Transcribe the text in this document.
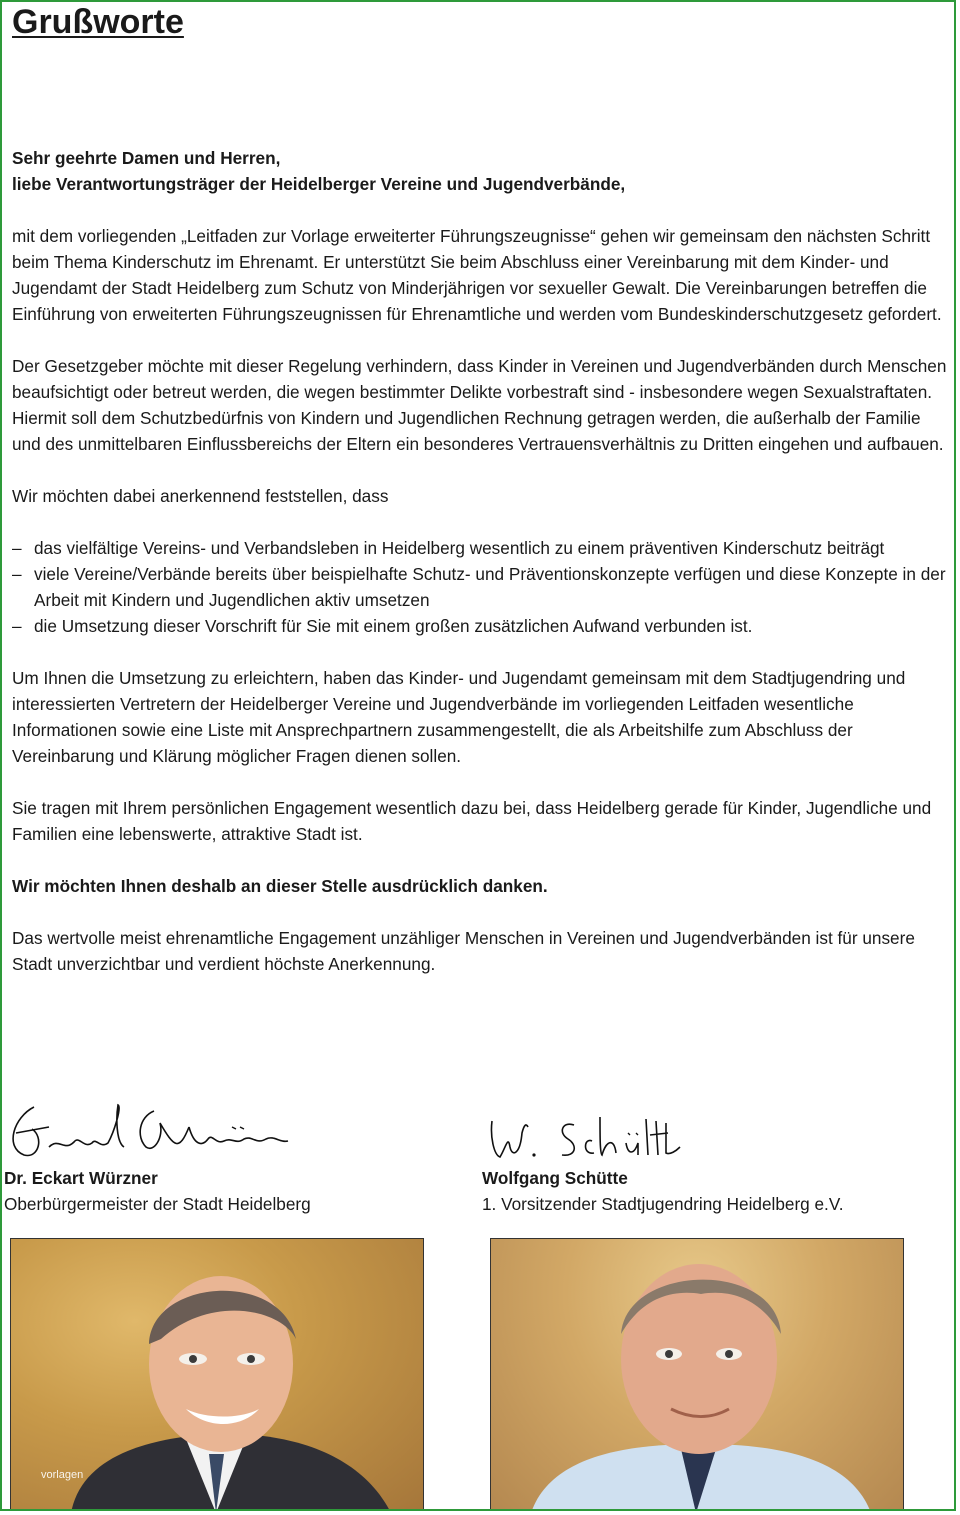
Grußworte

Sehr geehrte Damen und Herren,
liebe Verantwortungsträger der Heidelberger Vereine und Jugendverbände,

mit dem vorliegenden „Leitfaden zur Vorlage erweiterter Führungszeugnisse“ gehen wir gemeinsam den nächsten Schritt beim Thema Kinderschutz im Ehrenamt. Er unterstützt Sie beim Abschluss einer Vereinbarung mit dem Kinder- und Jugendamt der Stadt Heidelberg zum Schutz von Minderjährigen vor sexueller Gewalt. Die Vereinbarungen betreffen die Einführung von erweiterten Führungszeugnissen für Ehrenamtliche und werden vom Bundeskinderschutzgesetz gefordert.

Der Gesetzgeber möchte mit dieser Regelung verhindern, dass Kinder in Vereinen und Jugendverbänden durch Menschen beaufsichtigt oder betreut werden, die wegen bestimmter Delikte vorbestraft sind - insbesondere wegen Sexualstraftaten. Hiermit soll dem Schutzbedürfnis von Kindern und Jugendlichen Rechnung getragen werden, die außerhalb der Familie und des unmittelbaren Einflussbereichs der Eltern ein besonderes Vertrauensverhältnis zu Dritten eingehen und aufbauen.

Wir möchten dabei anerkennend feststellen, dass

– das vielfältige Vereins- und Verbandsleben in Heidelberg wesentlich zu einem präventiven Kinderschutz beiträgt
– viele Vereine/Verbände bereits über beispielhafte Schutz- und Präventionskonzepte verfügen und diese Konzepte in der Arbeit mit Kindern und Jugendlichen aktiv umsetzen
– die Umsetzung dieser Vorschrift für Sie mit einem großen zusätzlichen Aufwand verbunden ist.

Um Ihnen die Umsetzung zu erleichtern, haben das Kinder- und Jugendamt gemeinsam mit dem Stadtjugendring und interessierten Vertretern der Heidelberger Vereine und Jugendverbände im vorliegenden Leitfaden wesentliche Informationen sowie eine Liste mit Ansprechpartnern zusammengestellt, die als Arbeitshilfe zum Abschluss der Vereinbarung und Klärung möglicher Fragen dienen sollen.

Sie tragen mit Ihrem persönlichen Engagement wesentlich dazu bei, dass Heidelberg gerade für Kinder, Jugendliche und Familien eine lebenswerte, attraktive Stadt ist.

Wir möchten Ihnen deshalb an dieser Stelle ausdrücklich danken.

Das wertvolle meist ehrenamtliche Engagement unzähliger Menschen in Vereinen und Jugendverbänden ist für unsere Stadt unverzichtbar und verdient höchste Anerkennung.

Dr. Eckart Würzner
Oberbürgermeister der Stadt Heidelberg
Wolfgang Schütte
1. Vorsitzender Stadtjugendring Heidelberg e.V.
vorlagen
